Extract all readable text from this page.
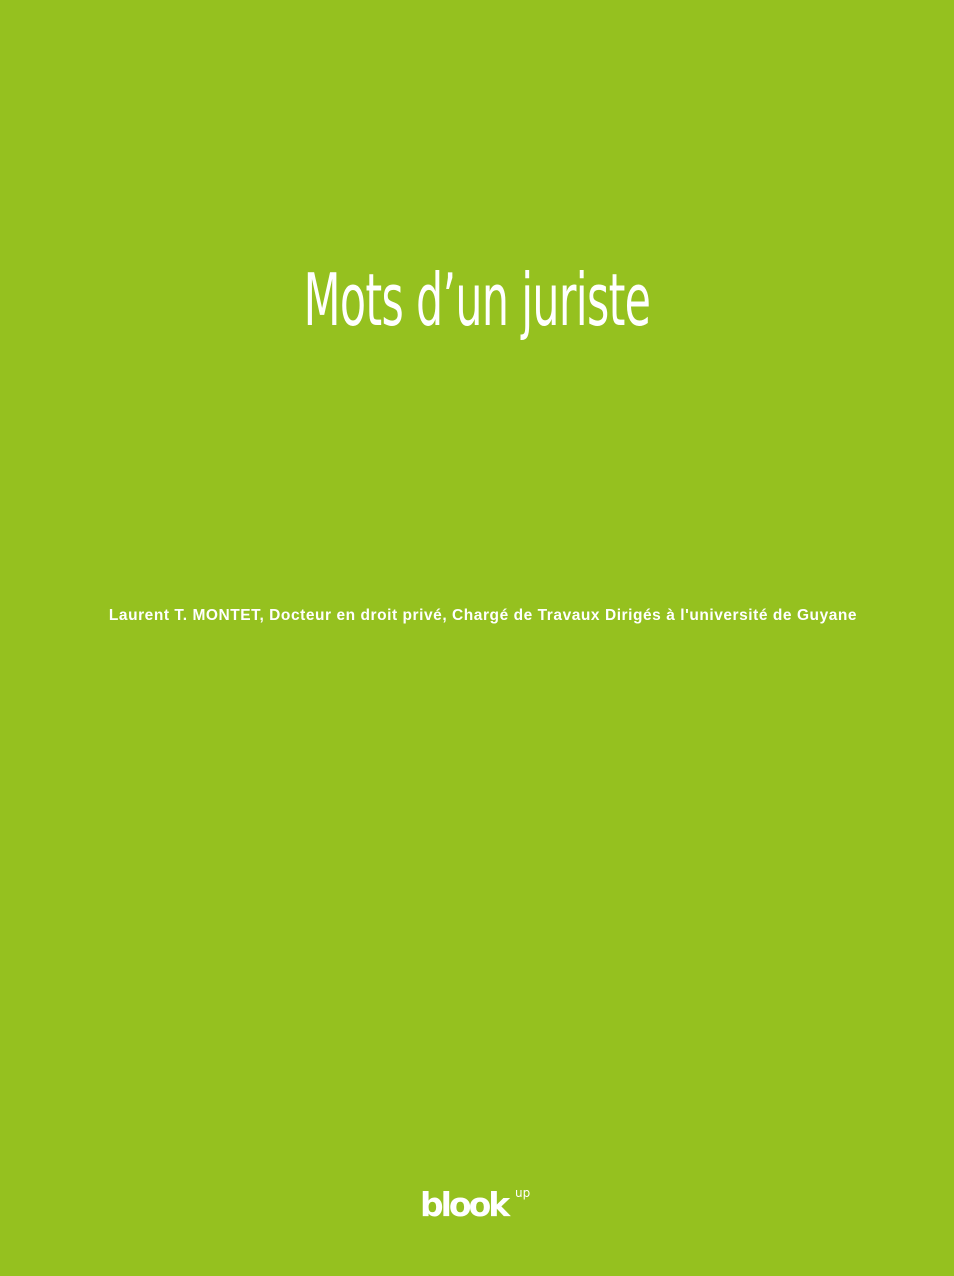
Mots d’un juriste
Laurent T. MONTET, Docteur en droit privé, Chargé de Travaux Dirigés à l'université de Guyane
blook up
